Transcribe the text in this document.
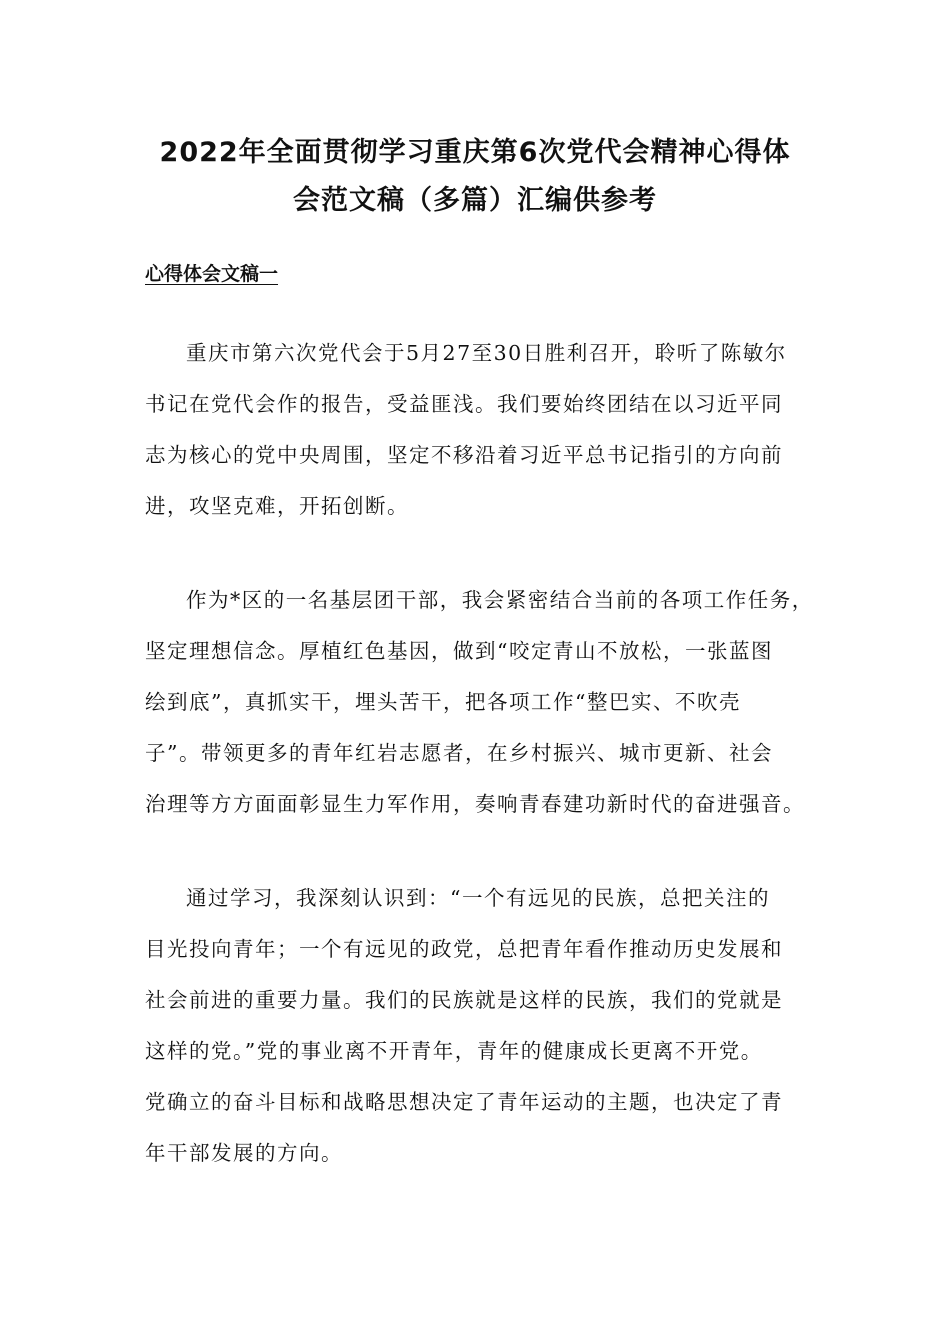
2022年全面贯彻学习重庆第6次党代会精神心得体
会范文稿（多篇）汇编供参考
心得体会文稿一

重庆市第六次党代会于5月27至30日胜利召开，聆听了陈敏尔
书记在党代会作的报告，受益匪浅。我们要始终团结在以习近平同
志为核心的党中央周围，坚定不移沿着习近平总书记指引的方向前
进，攻坚克难，开拓创断。

作为*区的一名基层团干部，我会紧密结合当前的各项工作任务，
坚定理想信念。厚植红色基因，做到“咬定青山不放松，一张蓝图
绘到底”，真抓实干，埋头苦干，把各项工作“整巴实、不吹壳
子”。带领更多的青年红岩志愿者，在乡村振兴、城市更新、社会
治理等方方面面彰显生力军作用，奏响青春建功新时代的奋进强音。

通过学习，我深刻认识到：“一个有远见的民族，总把关注的
目光投向青年；一个有远见的政党，总把青年看作推动历史发展和
社会前进的重要力量。我们的民族就是这样的民族，我们的党就是
这样的党。”党的事业离不开青年，青年的健康成长更离不开党。
党确立的奋斗目标和战略思想决定了青年运动的主题，也决定了青
年干部发展的方向。
